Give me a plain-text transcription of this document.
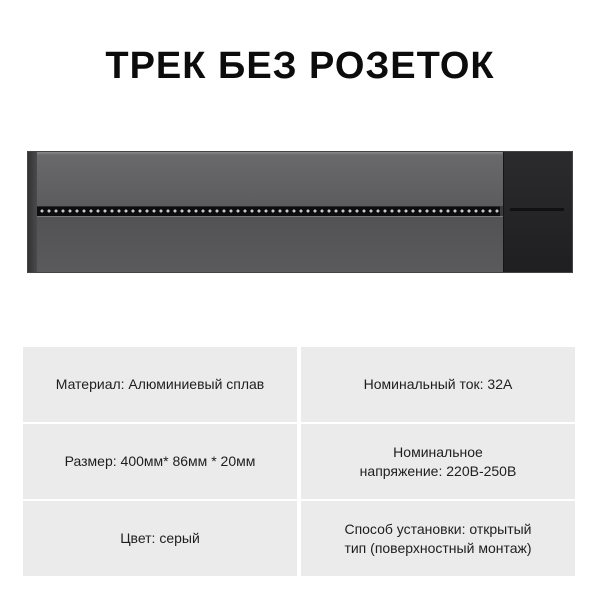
ТРЕК БЕЗ РОЗЕТОК
Материал: Алюминиевый сплав	Номинальный ток: 32А
Размер: 400мм* 86мм * 20мм
Номинальное
напряжение: 220В-250В
Цвет: серый
Способ установки: открытый
тип (поверхностный монтаж)
